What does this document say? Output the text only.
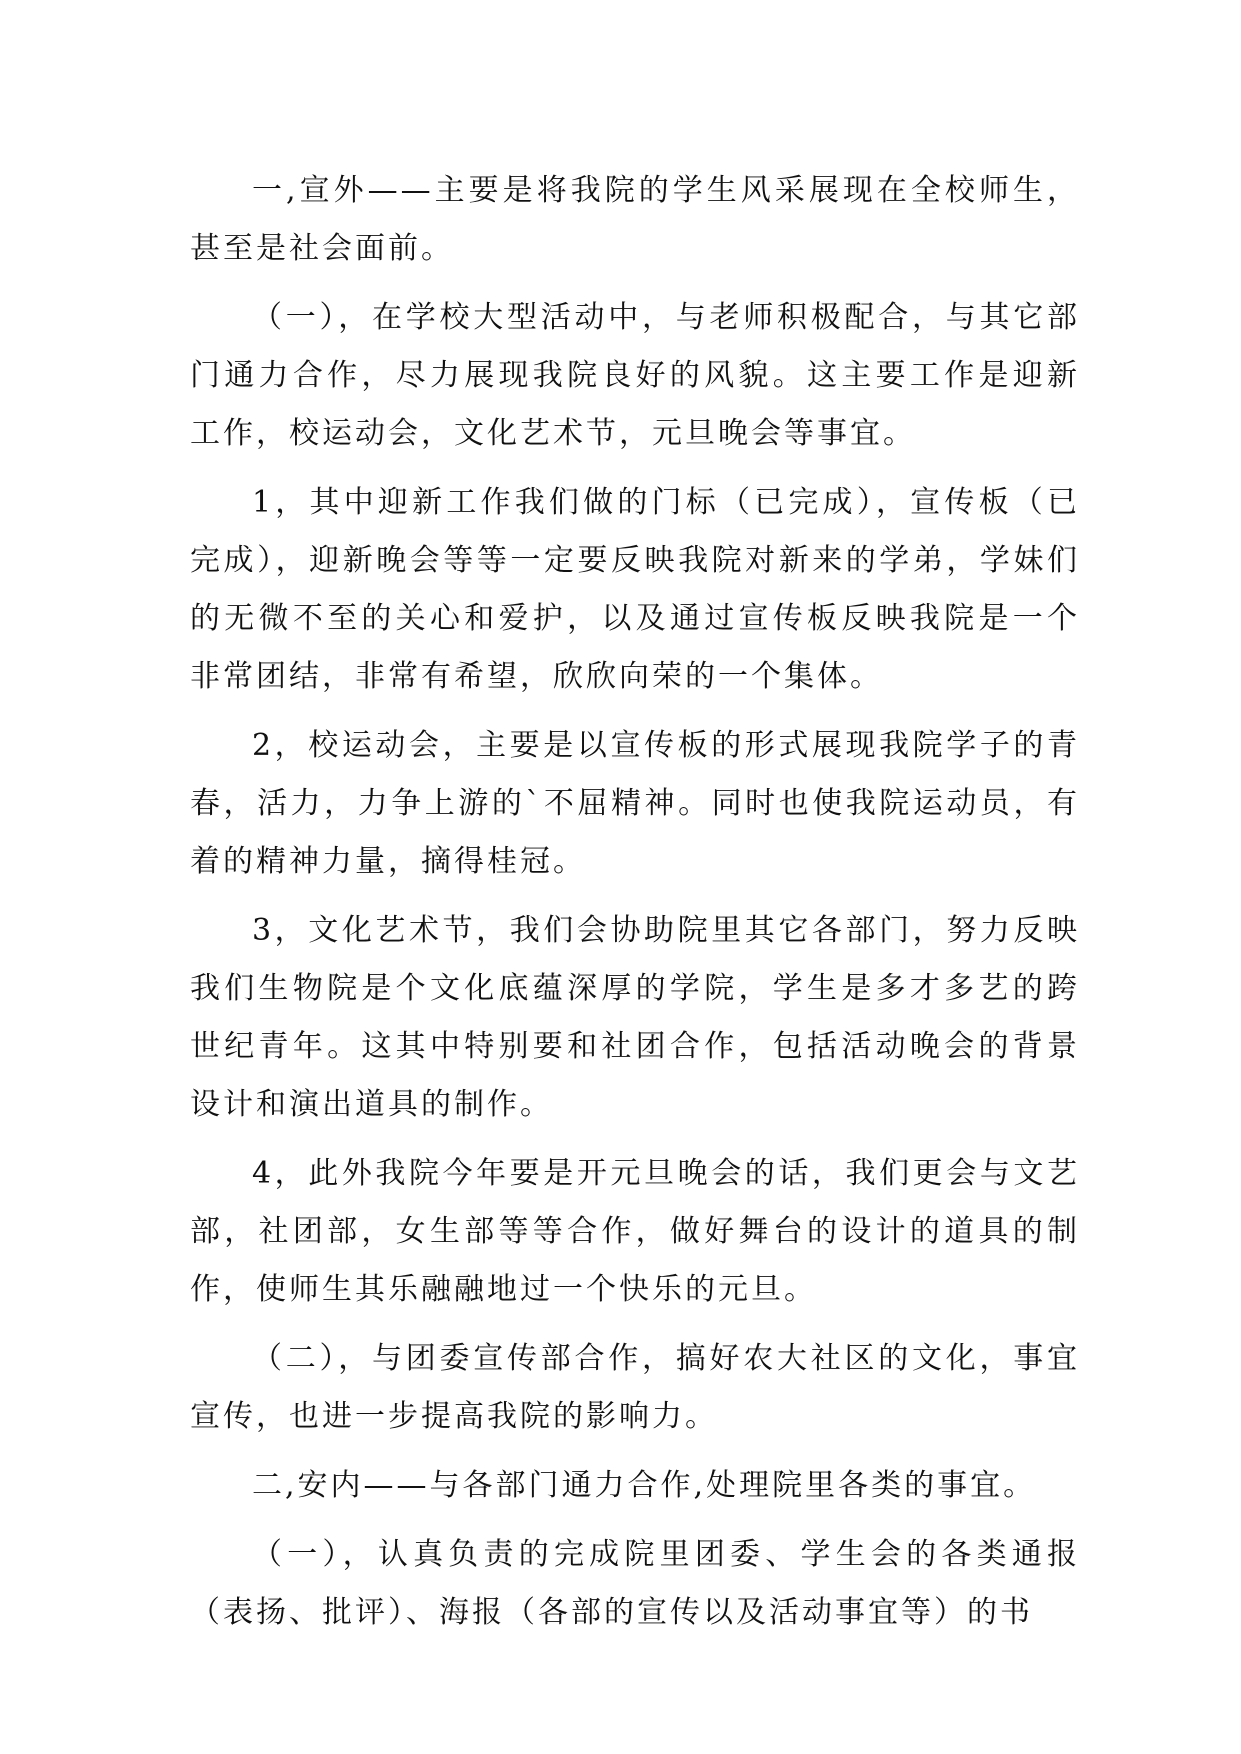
一,宣外——主要是将我院的学生风采展现在全校师生，甚至是社会面前。

（一），在学校大型活动中，与老师积极配合，与其它部门通力合作，尽力展现我院良好的风貌。这主要工作是迎新工作，校运动会，文化艺术节，元旦晚会等事宜。

1，其中迎新工作我们做的门标（已完成），宣传板（已完成），迎新晚会等等一定要反映我院对新来的学弟，学妹们的无微不至的关心和爱护，以及通过宣传板反映我院是一个非常团结，非常有希望，欣欣向荣的一个集体。

2，校运动会，主要是以宣传板的形式展现我院学子的青春，活力，力争上游的`不屈精神。同时也使我院运动员，有着的精神力量，摘得桂冠。

3，文化艺术节，我们会协助院里其它各部门，努力反映我们生物院是个文化底蕴深厚的学院，学生是多才多艺的跨世纪青年。这其中特别要和社团合作，包括活动晚会的背景设计和演出道具的制作。

4，此外我院今年要是开元旦晚会的话，我们更会与文艺部，社团部，女生部等等合作，做好舞台的设计的道具的制作，使师生其乐融融地过一个快乐的元旦。

（二），与团委宣传部合作，搞好农大社区的文化，事宜宣传，也进一步提高我院的影响力。

二,安内——与各部门通力合作,处理院里各类的事宜。

（一），认真负责的完成院里团委、学生会的各类通报（表扬、批评）、海报（各部的宣传以及活动事宜等）的书
